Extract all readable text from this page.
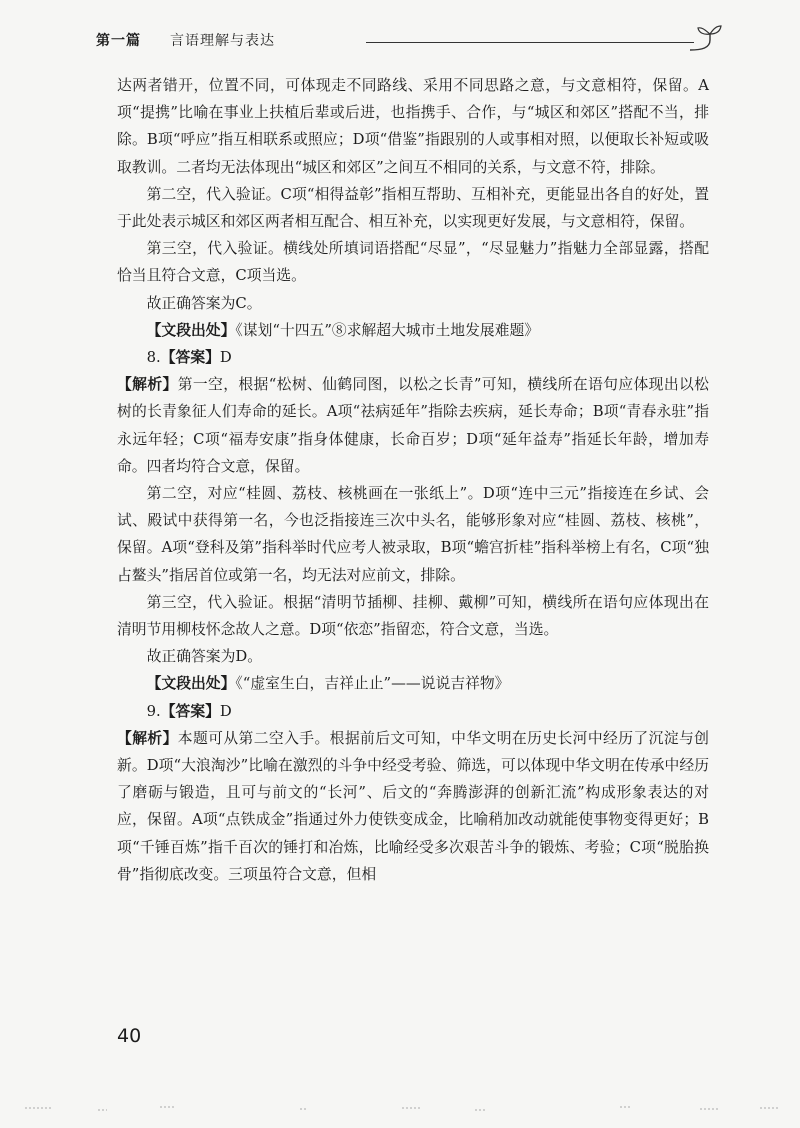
第一篇 言语理解与表达

达两者错开，位置不同，可体现走不同路线、采用不同思路之意，与文意相符，保留。A项“提携”比喻在事业上扶植后辈或后进，也指携手、合作，与“城区和郊区”搭配不当，排除。B项“呼应”指互相联系或照应；D项“借鉴”指跟别的人或事相对照，以便取长补短或吸取教训。二者均无法体现出“城区和郊区”之间互不相同的关系，与文意不符，排除。

第二空，代入验证。C项“相得益彰”指相互帮助、互相补充，更能显出各自的好处，置于此处表示城区和郊区两者相互配合、相互补充，以实现更好发展，与文意相符，保留。

第三空，代入验证。横线处所填词语搭配“尽显”，“尽显魅力”指魅力全部显露，搭配恰当且符合文意，C项当选。

故正确答案为C。

【文段出处】《谋划“十四五”⑧求解超大城市土地发展难题》

8.【答案】D

【解析】第一空，根据“松树、仙鹤同图，以松之长青”可知，横线所在语句应体现出以松树的长青象征人们寿命的延长。A项“祛病延年”指除去疾病，延长寿命；B项“青春永驻”指永远年轻；C项“福寿安康”指身体健康，长命百岁；D项“延年益寿”指延长年龄，增加寿命。四者均符合文意，保留。

第二空，对应“桂圆、荔枝、核桃画在一张纸上”。D项“连中三元”指接连在乡试、会试、殿试中获得第一名，今也泛指接连三次中头名，能够形象对应“桂圆、荔枝、核桃”，保留。A项“登科及第”指科举时代应考人被录取，B项“蟾宫折桂”指科举榜上有名，C项“独占鳌头”指居首位或第一名，均无法对应前文，排除。

第三空，代入验证。根据“清明节插柳、挂柳、戴柳”可知，横线所在语句应体现出在清明节用柳枝怀念故人之意。D项“依恋”指留恋，符合文意，当选。

故正确答案为D。

【文段出处】《“虚室生白，吉祥止止”——说说吉祥物》

9.【答案】D

【解析】本题可从第二空入手。根据前后文可知，中华文明在历史长河中经历了沉淀与创新。D项“大浪淘沙”比喻在激烈的斗争中经受考验、筛选，可以体现中华文明在传承中经历了磨砺与锻造，且可与前文的“长河”、后文的“奔腾澎湃的创新汇流”构成形象表达的对应，保留。A项“点铁成金”指通过外力使铁变成金，比喻稍加改动就能使事物变得更好；B项“千锤百炼”指千百次的锤打和冶炼，比喻经受多次艰苦斗争的锻炼、考验；C项“脱胎换骨”指彻底改变。三项虽符合文意，但相

40
